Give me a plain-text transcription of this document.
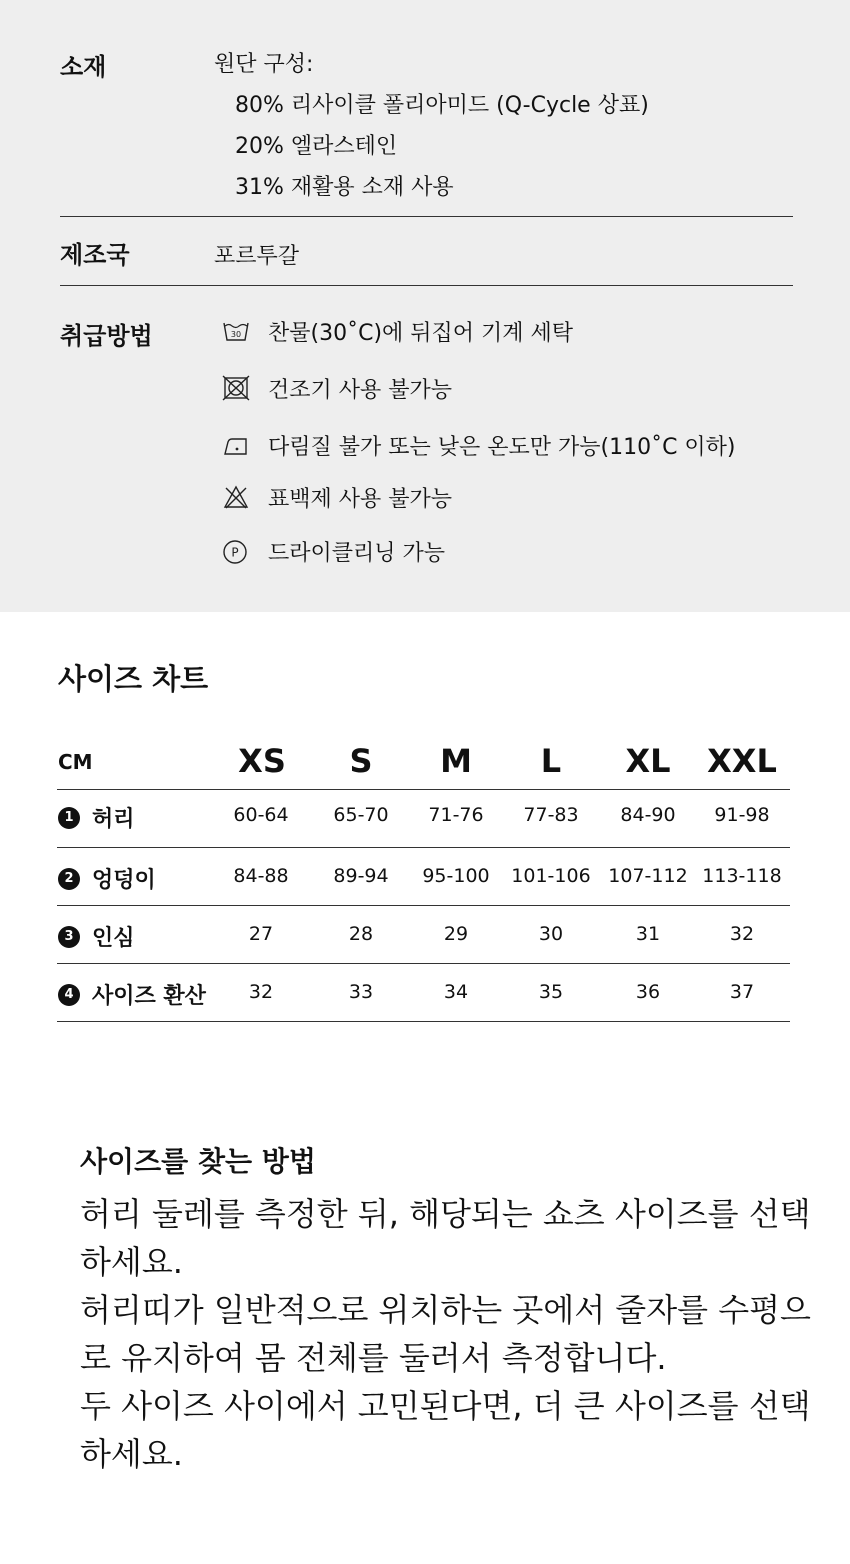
소재	원단 구성:
80% 리사이클 폴리아미드 (Q-Cycle 상표)
20% 엘라스테인
31% 재활용 소재 사용
제조국	포르투갈
취급방법	30 찬물(30˚C)에 뒤집어 기계 세탁
건조기 사용 불가능
다림질 불가 또는 낮은 온도만 가능(110˚C 이하)
표백제 사용 불가능
P 드라이클리닝 가능
사이즈 차트
CM	XS	S	M	L	XL	XXL
1 허리	60-64	65-70	71-76	77-83	84-90	91-98
2 엉덩이	84-88	89-94	95-100	101-106 107-112 113-118
3 인심	27	28	29	30	31	32
4 사이즈 환산	32	33	34	35	36	37
사이즈를 찾는 방법
허리 둘레를 측정한 뒤, 해당되는 쇼츠 사이즈를 선택
하세요.
허리띠가 일반적으로 위치하는 곳에서 줄자를 수평으
로 유지하여 몸 전체를 둘러서 측정합니다.
두 사이즈 사이에서 고민된다면, 더 큰 사이즈를 선택
하세요.
